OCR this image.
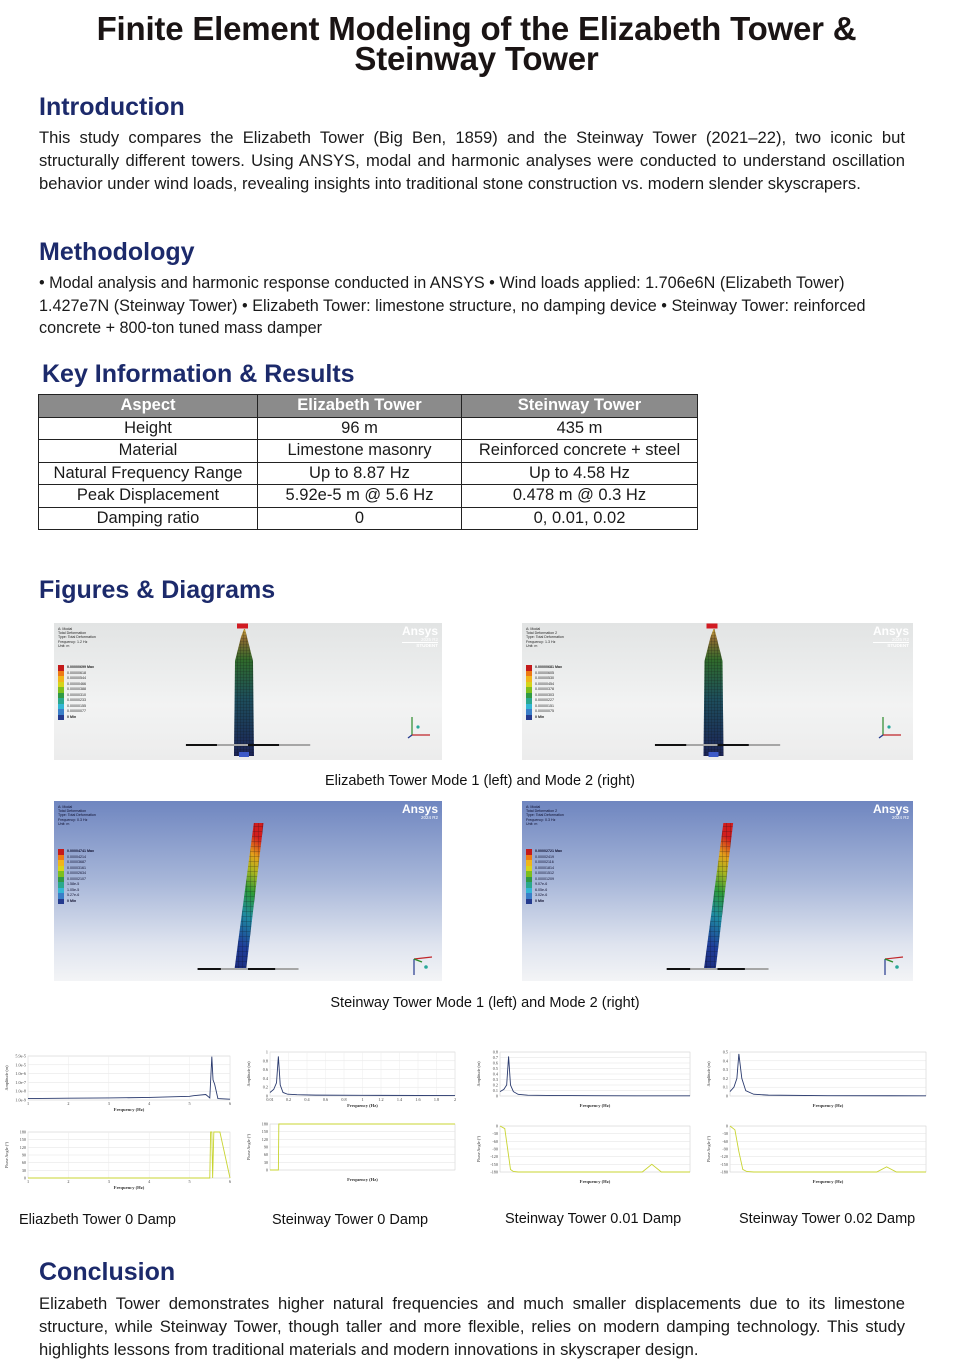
Finite Element Modeling of the Elizabeth Tower &
Steinway Tower
Introduction
This study compares the Elizabeth Tower (Big Ben, 1859) and the Steinway Tower (2021–22), two iconic but structurally different towers. Using ANSYS, modal and harmonic analyses were conducted to understand oscillation behavior under wind loads, revealing insights into traditional stone construction vs. modern slender skyscrapers.
Methodology
• Modal analysis and harmonic response conducted in ANSYS • Wind loads applied: 1.706e6N (Elizabeth Tower) 1.427e7N (Steinway Tower) • Elizabeth Tower: limestone structure, no damping device • Steinway Tower: reinforced concrete + 800-ton tuned mass damper
Key Information & Results
Aspect	Elizabeth Tower	Steinway Tower
Height	96 m	435 m
Material	Limestone masonry	Reinforced concrete + steel
Natural Frequency Range	Up to 8.87 Hz	Up to 4.58 Hz
Peak Displacement	5.92e-5 m @ 5.6 Hz	0.478 m @ 0.3 Hz
Damping ratio	0	0, 0.01, 0.02
Figures & Diagrams
A: Modal
Total Deformation
Type: Total Deformation
Frequency: 1.2 Hz
Unit: m
0.00000699 Max
0.00000618
0.00000544
0.00000466
0.00000388
0.00000310
0.00000233
0.00000155
0.00000077
0 Min
Ansys
2025 R2
STUDENT
A: Modal
Total Deformation 2
Type: Total Deformation
Frequency: 1.3 Hz
Unit: m
0.00000681 Max
0.00000605
0.00000530
0.00000454
0.00000378
0.00000303
0.00000227
0.00000151
0.00000075
0 Min
Ansys
2025 R2
STUDENT
A: Modal
Total Deformation
Type: Total Deformation
Frequency: 0.3 Hz
Unit: m
0.00004741 Max
0.00004214
0.00003687
0.00003161
0.00002634
0.00002107
1.58e-5
1.05e-5
5.27e-6
0 Min
Ansys
2024 R2
A: Modal
Total Deformation 2
Type: Total Deformation
Frequency: 0.3 Hz
Unit: m
0.00002721 Max
0.00002419
0.00002116
0.00001814
0.00001512
0.00001209
9.07e-6
6.05e-6
3.02e-6
0 Min
Ansys
2024 R2
Elizabeth Tower Mode 1 (left) and Mode 2 (right)
Steinway Tower Mode 1 (left) and Mode 2 (right)
1.0e-9
1.0e-8
1.0e-7
1.0e-6
1.0e-5
5.9e-5
1	2	3	4	5	6
Frequency (Hz)
Amplitude (m)
0
30
60
90
120
150
180
1	2	3	4	5	6
Frequency (Hz)
Phase Angle (°)
0
0.2
0.4
0.6
0.8
1
0.01	0.2	0.4	0.6	0.8	1	1.2	1.4	1.6	1.8	2
Frequency (Hz)
Amplitude (m)
0
30
60
90
120
150
180
Frequency (Hz)
Phase Angle (°)
0
0.1
0.2
0.3
0.4
0.5
0.6
0.7
0.8
Frequency (Hz)
Amplitude (m)
-180
-150
-120
-90
-60
-30
0
Frequency (Hz)
Phase Angle (°)
0
0.1
0.2
0.3
0.4
0.5
Frequency (Hz)
Amplitude (m)
-180
-150
-120
-90
-60
-30
0
Frequency (Hz)
Phase Angle (°)
Eliazbeth Tower 0 Damp	Steinway Tower 0 Damp	Steinway Tower 0.01 Damp	Steinway Tower 0.02 Damp
Conclusion
Elizabeth Tower demonstrates higher natural frequencies and much smaller displacements due to its limestone structure, while Steinway Tower, though taller and more flexible, relies on modern damping technology. This study highlights lessons from traditional materials and modern innovations in skyscraper design.
